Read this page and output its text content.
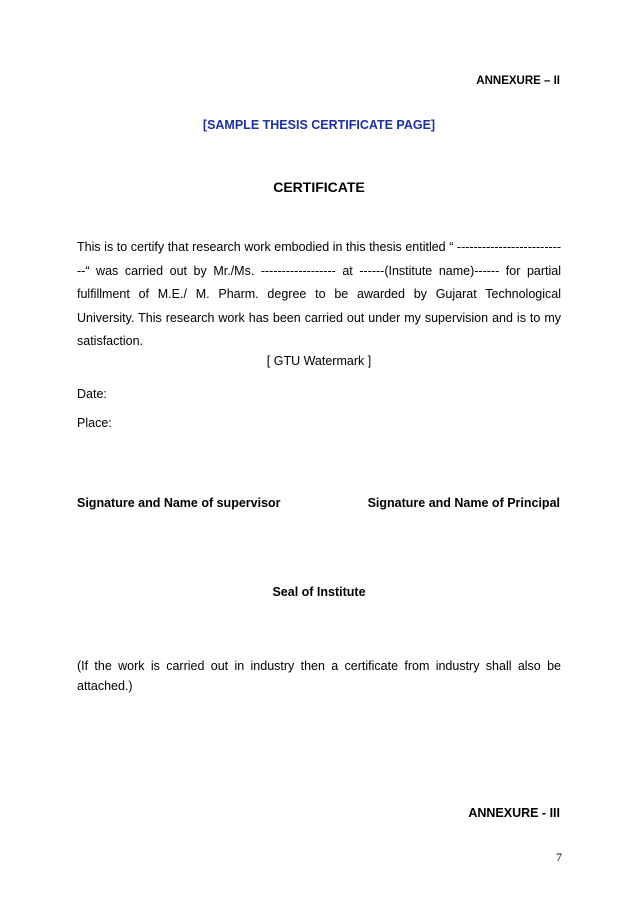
ANNEXURE – II
[SAMPLE THESIS CERTIFICATE PAGE]
CERTIFICATE
This is to certify that research work embodied in this thesis entitled “ ---------------------------“ was carried out by Mr./Ms. ------------------ at ------(Institute name)------ for partial fulfillment of M.E./ M. Pharm. degree to be awarded by Gujarat Technological University. This research work has been carried out under my supervision and is to my satisfaction.
[ GTU Watermark ]
Date:
Place:
Signature and Name of supervisor	Signature and Name of Principal
Seal of Institute
(If the work is carried out in industry then a certificate from industry shall also be attached.)
ANNEXURE - III
7
